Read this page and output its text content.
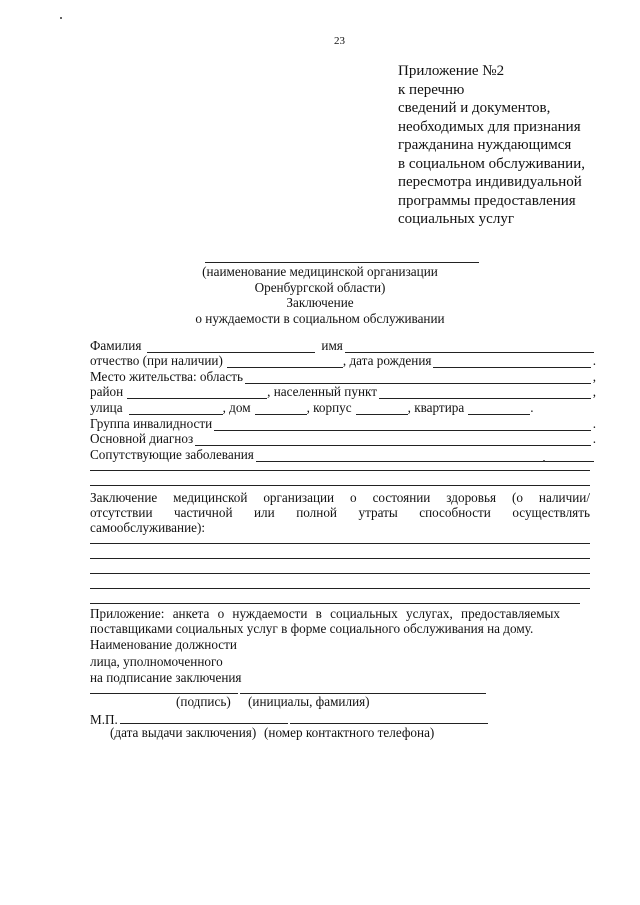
23
Приложение №2
к перечню
сведений и документов,
необходимых для признания
гражданина нуждающимся
в социальном обслуживании,
пересмотра индивидуальной
программы предоставления
социальных услуг
(наименование медицинской организации
Оренбургской области)
Заключение
о нуждаемости в социальном обслуживании
Фамилия	имя
отчество (при наличии)	, дата рождения	.
Место жительства: область	,
район	, населенный пункт	,
улица	, дом	, корпус	, квартира	.
Группа инвалидности	.
Основной диагноз	.
Сопутствующие заболевания
Заключение медицинской организации о состоянии здоровья (о наличии/
отсутствии частичной или полной утраты способности осуществлять
самообслуживание):
Приложение: анкета о нуждаемости в социальных услугах, предоставляемых
поставщиками социальных услуг в форме социального обслуживания на дому.
Наименование должности
лица, уполномоченного
на подписание заключения
(подпись) (инициалы, фамилия)
М.П.
(дата выдачи заключения) (номер контактного телефона)
